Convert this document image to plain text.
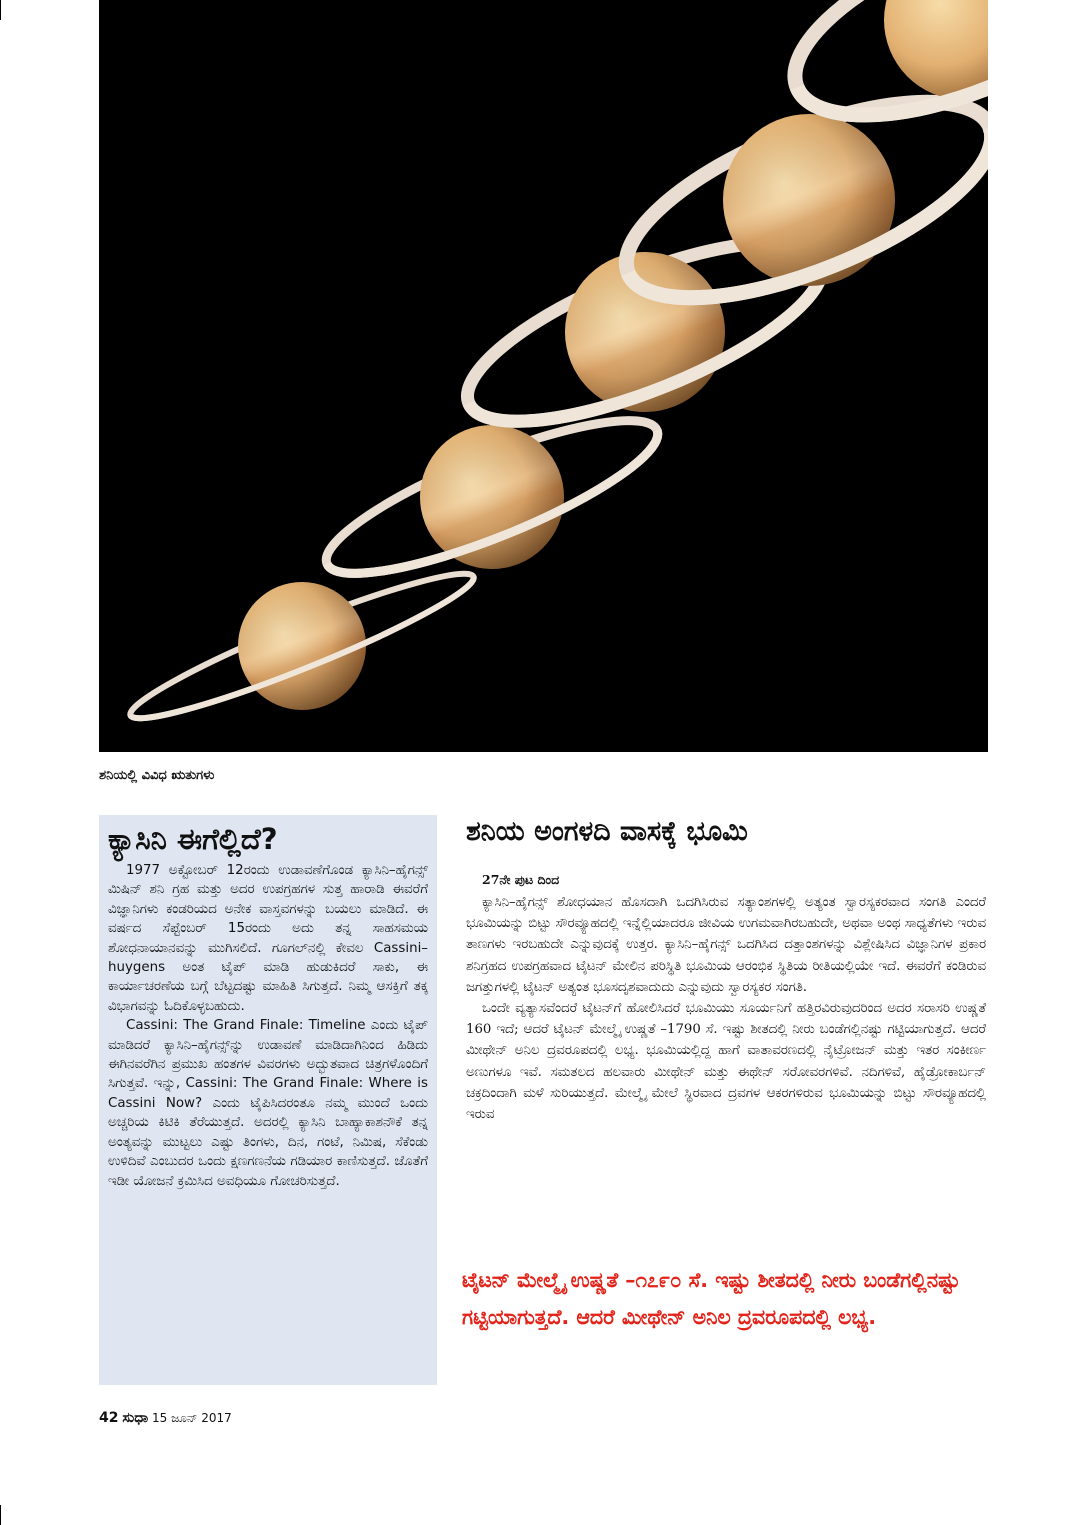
ಶನಿಯಲ್ಲಿ ವಿವಿಧ ಋತುಗಳು
ಕ್ಯಾಸಿನಿ ಈಗೆಲ್ಲಿದೆ?

1977 ಅಕ್ಟೋಬರ್ 12ರಂದು ಉಡಾವಣೆಗೊಂಡ ಕ್ಯಾಸಿನಿ–ಹೈಗನ್ಸ್ ಮಿಷಿನ್ ಶನಿ ಗ್ರಹ ಮತ್ತು ಅದರ ಉಪಗ್ರಹಗಳ ಸುತ್ತ ಹಾರಾಡಿ ಈವರೆಗೆ ವಿಜ್ಞಾನಿಗಳು ಕಂಡರಿಯದ ಅನೇಕ ವಾಸ್ತವಗಳನ್ನು ಬಯಲು ಮಾಡಿದೆ. ಈ ವರ್ಷದ ಸೆಪ್ಟೆಂಬರ್ 15ರಂದು ಅದು ತನ್ನ ಸಾಹಸಮಯ ಶೋಧನಾಯಾನವನ್ನು ಮುಗಿಸಲಿದೆ. ಗೂಗಲ್‌ನಲ್ಲಿ ಕೇವಲ Cassini–huygens ಅಂತ ಟೈಪ್ ಮಾಡಿ ಹುಡುಕಿದರೆ ಸಾಕು, ಈ ಕಾರ್ಯಾಚರಣೆಯ ಬಗ್ಗೆ ಬೆಟ್ಟದಷ್ಟು ಮಾಹಿತಿ ಸಿಗುತ್ತದೆ. ನಿಮ್ಮ ಆಸಕ್ತಿಗೆ ತಕ್ಕ ವಿಭಾಗವನ್ನು ಓದಿಕೊಳ್ಳಬಹುದು.

Cassini: The Grand Finale: Timeline ಎಂದು ಟೈಪ್ ಮಾಡಿದರೆ ಕ್ಯಾಸಿನಿ–ಹೈಗನ್ಸ್‌ನ್ನು ಉಡಾವಣೆ ಮಾಡಿದಾಗಿನಿಂದ ಹಿಡಿದು ಈಗಿನವರೆಗಿನ ಪ್ರಮುಖ ಹಂತಗಳ ವಿವರಗಳು ಅದ್ಭುತವಾದ ಚಿತ್ರಗಳೊಂದಿಗೆ ಸಿಗುತ್ತವೆ. ಇನ್ನು, Cassini: The Grand Finale: Where is Cassini Now? ಎಂದು ಟೈಪಿಸಿದರಂತೂ ನಮ್ಮ ಮುಂದೆ ಒಂದು ಅಚ್ಚರಿಯ ಕಿಟಿಕಿ ತೆರೆಯುತ್ತದೆ. ಅದರಲ್ಲಿ ಕ್ಯಾಸಿನಿ ಬಾಹ್ಯಾಕಾಶನೌಕೆ ತನ್ನ ಅಂತ್ಯವನ್ನು ಮುಟ್ಟಲು ಎಷ್ಟು ತಿಂಗಳು, ದಿನ, ಗಂಟೆ, ನಿಮಿಷ, ಸೆಕೆಂಡು ಉಳಿದಿವೆ ಎಂಬುದರ ಒಂದು ಕ್ಷಣಗಣನೆಯ ಗಡಿಯಾರ ಕಾಣಿಸುತ್ತದೆ. ಜೊತೆಗೆ ಇಡೀ ಯೋಜನೆ ಕ್ರಮಿಸಿದ ಅವಧಿಯೂ ಗೋಚರಿಸುತ್ತದೆ.

ಶನಿಯ ಅಂಗಳದಿ ವಾಸಕ್ಕೆ ಭೂಮಿ
27ನೇ ಪುಟ ದಿಂದ

ಕ್ಯಾಸಿನಿ–ಹೈಗನ್ಸ್ ಶೋಧಯಾನ ಹೊಸದಾಗಿ ಒದಗಿಸಿರುವ ಸತ್ಯಾಂಶಗಳಲ್ಲಿ ಅತ್ಯಂತ ಸ್ವಾರಸ್ಯಕರವಾದ ಸಂಗತಿ ಎಂದರೆ ಭೂಮಿಯನ್ನು ಬಿಟ್ಟು ಸೌರವ್ಯೂಹದಲ್ಲಿ ಇನ್ನೆಲ್ಲಿಯಾದರೂ ಜೀವಿಯ ಉಗಮವಾಗಿರಬಹುದೇ, ಅಥವಾ ಅಂಥ ಸಾಧ್ಯತೆಗಳು ಇರುವ ತಾಣಗಳು ಇರಬಹುದೇ ಎನ್ನುವುದಕ್ಕೆ ಉತ್ತರ. ಕ್ಯಾಸಿನಿ–ಹೈಗನ್ಸ್ ಒದಗಿಸಿದ ದತ್ತಾಂಶಗಳನ್ನು ವಿಶ್ಲೇಷಿಸಿದ ವಿಜ್ಞಾನಿಗಳ ಪ್ರಕಾರ ಶನಿಗ್ರಹದ ಉಪಗ್ರಹವಾದ ಟೈಟನ್ ಮೇಲಿನ ಪರಿಸ್ಥಿತಿ ಭೂಮಿಯ ಆರಂಭಿಕ ಸ್ಥಿತಿಯ ರೀತಿಯಲ್ಲಿಯೇ ಇದೆ. ಈವರೆಗೆ ಕಂಡಿರುವ ಜಗತ್ತುಗಳಲ್ಲಿ ಟೈಟನ್ ಅತ್ಯಂತ ಭೂಸದೃಶವಾದುದು ಎನ್ನುವುದು ಸ್ವಾರಸ್ಯಕರ ಸಂಗತಿ.

ಒಂದೇ ವ್ಯತ್ಯಾಸವೆಂದರೆ ಟೈಟನ್‌ಗೆ ಹೋಲಿಸಿದರೆ ಭೂಮಿಯು ಸೂರ್ಯನಿಗೆ ಹತ್ತಿರವಿರುವುದರಿಂದ ಅದರ ಸರಾಸರಿ ಉಷ್ಣತೆ 160 ಇದೆ; ಆದರೆ ಟೈಟನ್ ಮೇಲ್ಮೈ ಉಷ್ಣತೆ –1790 ಸೆ. ಇಷ್ಟು ಶೀತದಲ್ಲಿ ನೀರು ಬಂಡೆಗಲ್ಲಿನಷ್ಟು ಗಟ್ಟಿಯಾಗುತ್ತದೆ. ಆದರೆ ಮೀಥೇನ್ ಅನಿಲ ದ್ರವರೂಪದಲ್ಲಿ ಲಭ್ಯ. ಭೂಮಿಯಲ್ಲಿದ್ದ ಹಾಗೆ ವಾತಾವರಣದಲ್ಲಿ ನೈಟ್ರೋಜನ್ ಮತ್ತು ಇತರ ಸಂಕೀರ್ಣ ಅಣುಗಳೂ ಇವೆ. ಸಮತಲದ ಹಲವಾರು ಮೀಥೇನ್ ಮತ್ತು ಈಥೇನ್ ಸರೋವರಗಳಿವೆ. ನದಿಗಳಿವೆ, ಹೈಡ್ರೋಕಾರ್ಬನ್ ಚಕ್ರದಿಂದಾಗಿ ಮಳೆ ಸುರಿಯುತ್ತದೆ. ಮೇಲ್ಮೈ ಮೇಲೆ ಸ್ಥಿರವಾದ ದ್ರವಗಳ ಆಕರಗಳಿರುವ ಭೂಮಿಯನ್ನು ಬಿಟ್ಟು ಸೌರವ್ಯೂಹದಲ್ಲಿ ಇರುವ

ಟೈಟನ್ ಮೇಲ್ಮೈ ಉಷ್ಣತೆ –೧೭೯೦ ಸೆ. ಇಷ್ಟು ಶೀತದಲ್ಲಿ ನೀರು ಬಂಡೆಗಲ್ಲಿನಷ್ಟು ಗಟ್ಟಿಯಾಗುತ್ತದೆ. ಆದರೆ ಮೀಥೇನ್ ಅನಿಲ ದ್ರವರೂಪದಲ್ಲಿ ಲಭ್ಯ.

42 ಸುಧಾ 15 ಜೂನ್ 2017
